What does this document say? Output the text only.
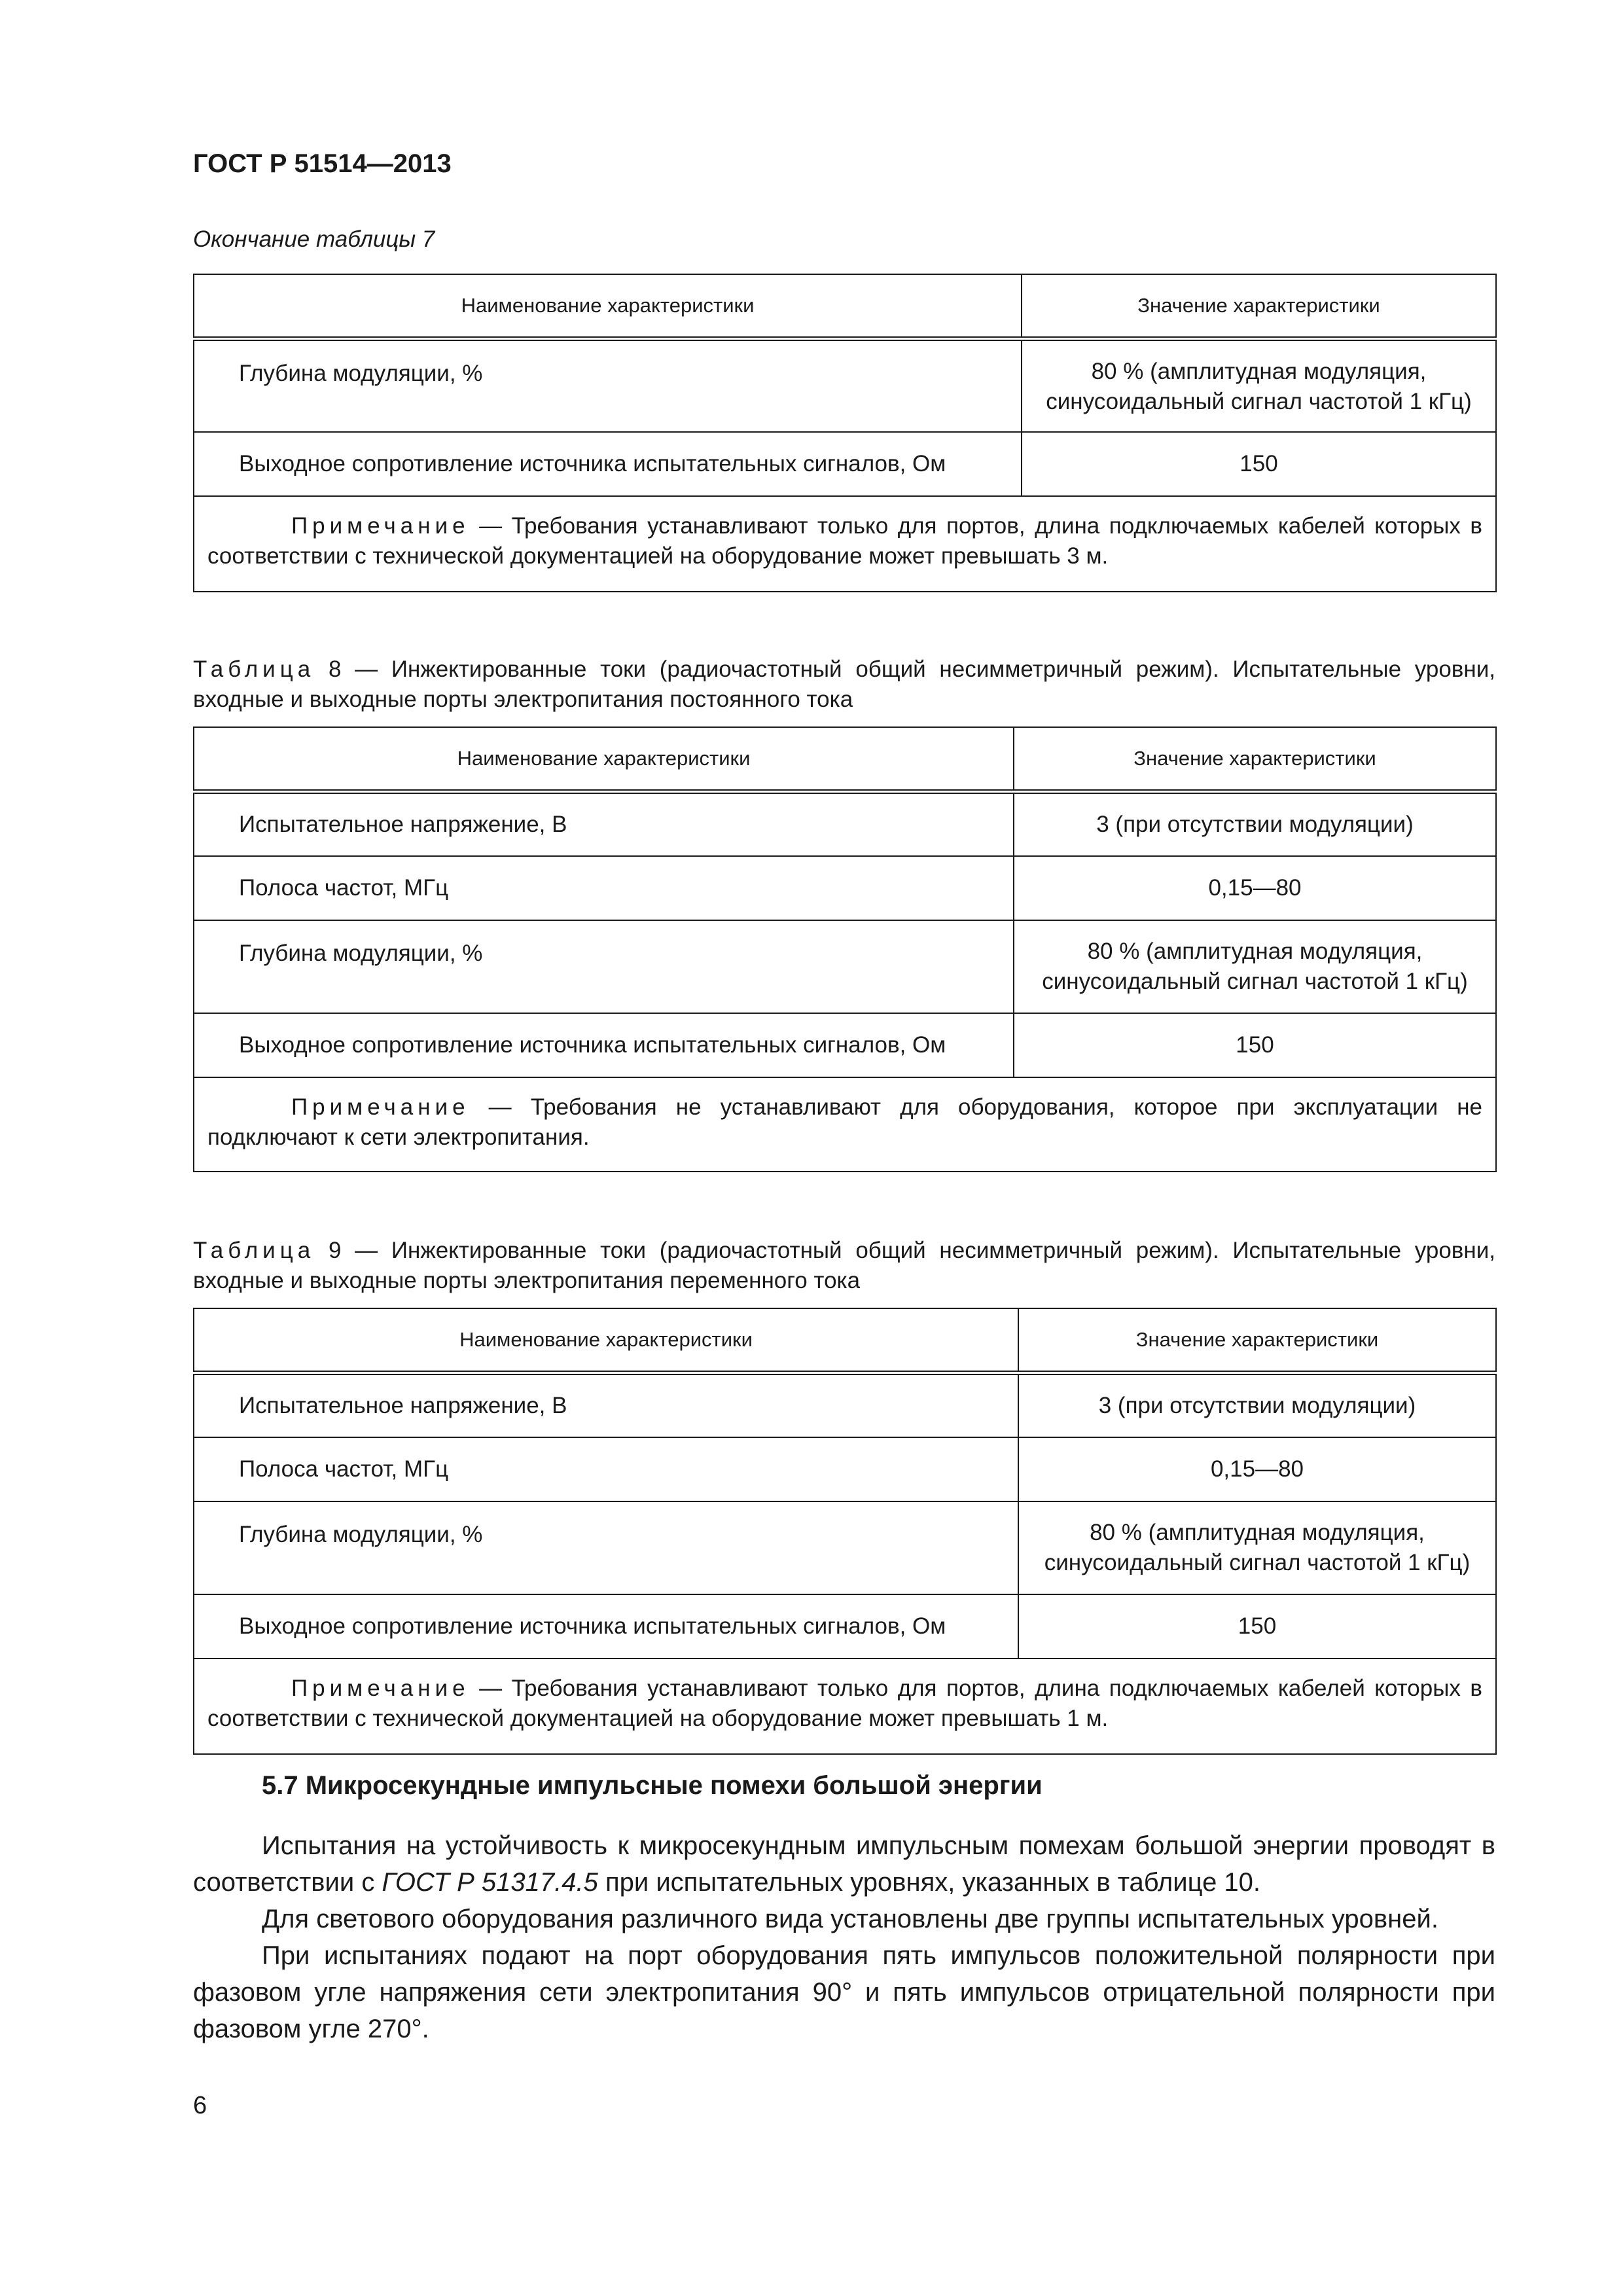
ГОСТ Р 51514—2013
Окончание таблицы 7
Наименование характеристики	Значение характеристики
Глубина модуляции, %	80 % (амплитудная модуляция,
синусоидальный сигнал частотой 1 кГц)
Выходное сопротивление источника испытательных сигналов, Ом	150
Примечание — Требования устанавливают только для портов, длина подключаемых кабелей которых в соответствии с технической документацией на оборудование может превышать 3 м.	
Таблица 8 — Инжектированные токи (радиочастотный общий несимметричный режим). Испытательные уровни, входные и выходные порты электропитания постоянного тока
Наименование характеристики	Значение характеристики
Испытательное напряжение, В	3 (при отсутствии модуляции)
Полоса частот, МГц	0,15—80
Глубина модуляции, %	80 % (амплитудная модуляция,
синусоидальный сигнал частотой 1 кГц)
Выходное сопротивление источника испытательных сигналов, Ом	150
Примечание — Требования не устанавливают для оборудования, которое при эксплуатации не подключают к сети электропитания.	
Таблица 9 — Инжектированные токи (радиочастотный общий несимметричный режим). Испытательные уровни, входные и выходные порты электропитания переменного тока
Наименование характеристики	Значение характеристики
Испытательное напряжение, В	3 (при отсутствии модуляции)
Полоса частот, МГц	0,15—80
Глубина модуляции, %	80 % (амплитудная модуляция,
синусоидальный сигнал частотой 1 кГц)
Выходное сопротивление источника испытательных сигналов, Ом	150
Примечание — Требования устанавливают только для портов, длина подключаемых кабелей которых в соответствии с технической документацией на оборудование может превышать 1 м.	
5.7 Микросекундные импульсные помехи большой энергии
Испытания на устойчивость к микросекундным импульсным помехам большой энергии проводят в соответствии с ГОСТ Р 51317.4.5 при испытательных уровнях, указанных в таблице 10.
Для светового оборудования различного вида установлены две группы испытательных уровней.
При испытаниях подают на порт оборудования пять импульсов положительной полярности при фазовом угле напряжения сети электропитания 90° и пять импульсов отрицательной полярности при фазовом угле 270°.
6
